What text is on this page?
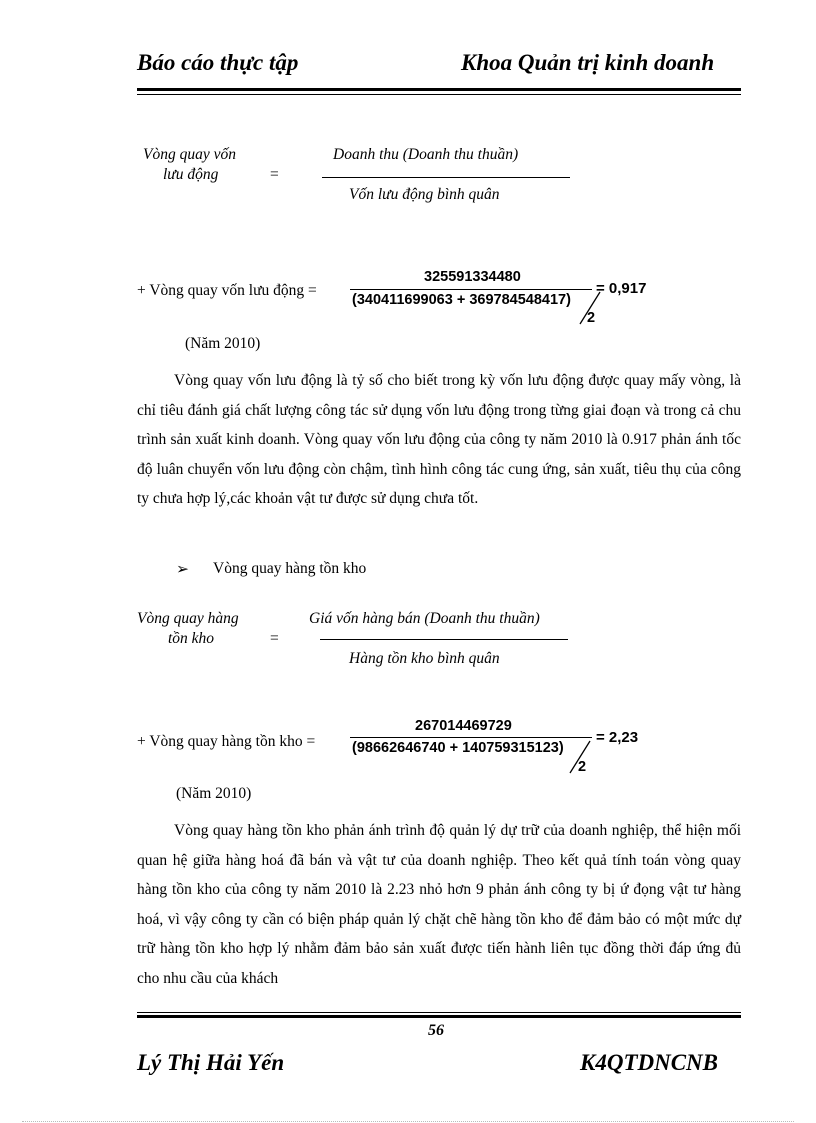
Báo cáo thực tập	Khoa Quản trị kinh doanh
Vòng quay vốn
lưu động	=
Doanh thu (Doanh thu thuần)
Vốn lưu động bình quân
+ Vòng quay vốn lưu động =
325591334480
(340411699063 + 369784548417)
2
= 0,917
(Năm 2010)
Vòng quay vốn lưu động là tỷ số cho biết trong kỳ vốn lưu động được quay mấy vòng, là chỉ tiêu đánh giá chất lượng công tác sử dụng vốn lưu động trong từng giai đoạn và trong cả chu trình sản xuất kinh doanh. Vòng quay vốn lưu động của công ty năm 2010 là 0.917 phản ánh tốc độ luân chuyển vốn lưu động còn chậm, tình hình công tác cung ứng, sản xuất, tiêu thụ của công ty chưa hợp lý,các khoản vật tư được sử dụng chưa tốt.
➢ Vòng quay hàng tồn kho
Vòng quay hàng
tồn kho	=
Giá vốn hàng bán (Doanh thu thuần)
Hàng tồn kho bình quân
+ Vòng quay hàng tồn kho =
267014469729
(98662646740 + 140759315123)
2
= 2,23
(Năm 2010)
Vòng quay hàng tồn kho phản ánh trình độ quản lý dự trữ của doanh nghiệp, thể hiện mối quan hệ giữa hàng hoá đã bán và vật tư của doanh nghiệp. Theo kết quả tính toán vòng quay hàng tồn kho của công ty năm 2010 là 2.23 nhỏ hơn 9 phản ánh công ty bị ứ đọng vật tư hàng hoá, vì vậy công ty cần có biện pháp quản lý chặt chẽ hàng tồn kho để đảm bảo có một mức dự trữ hàng tồn kho hợp lý nhằm đảm bảo sản xuất được tiến hành liên tục đồng thời đáp ứng đủ cho nhu cầu của khách
56
Lý Thị Hải Yến	K4QTDNCNB
